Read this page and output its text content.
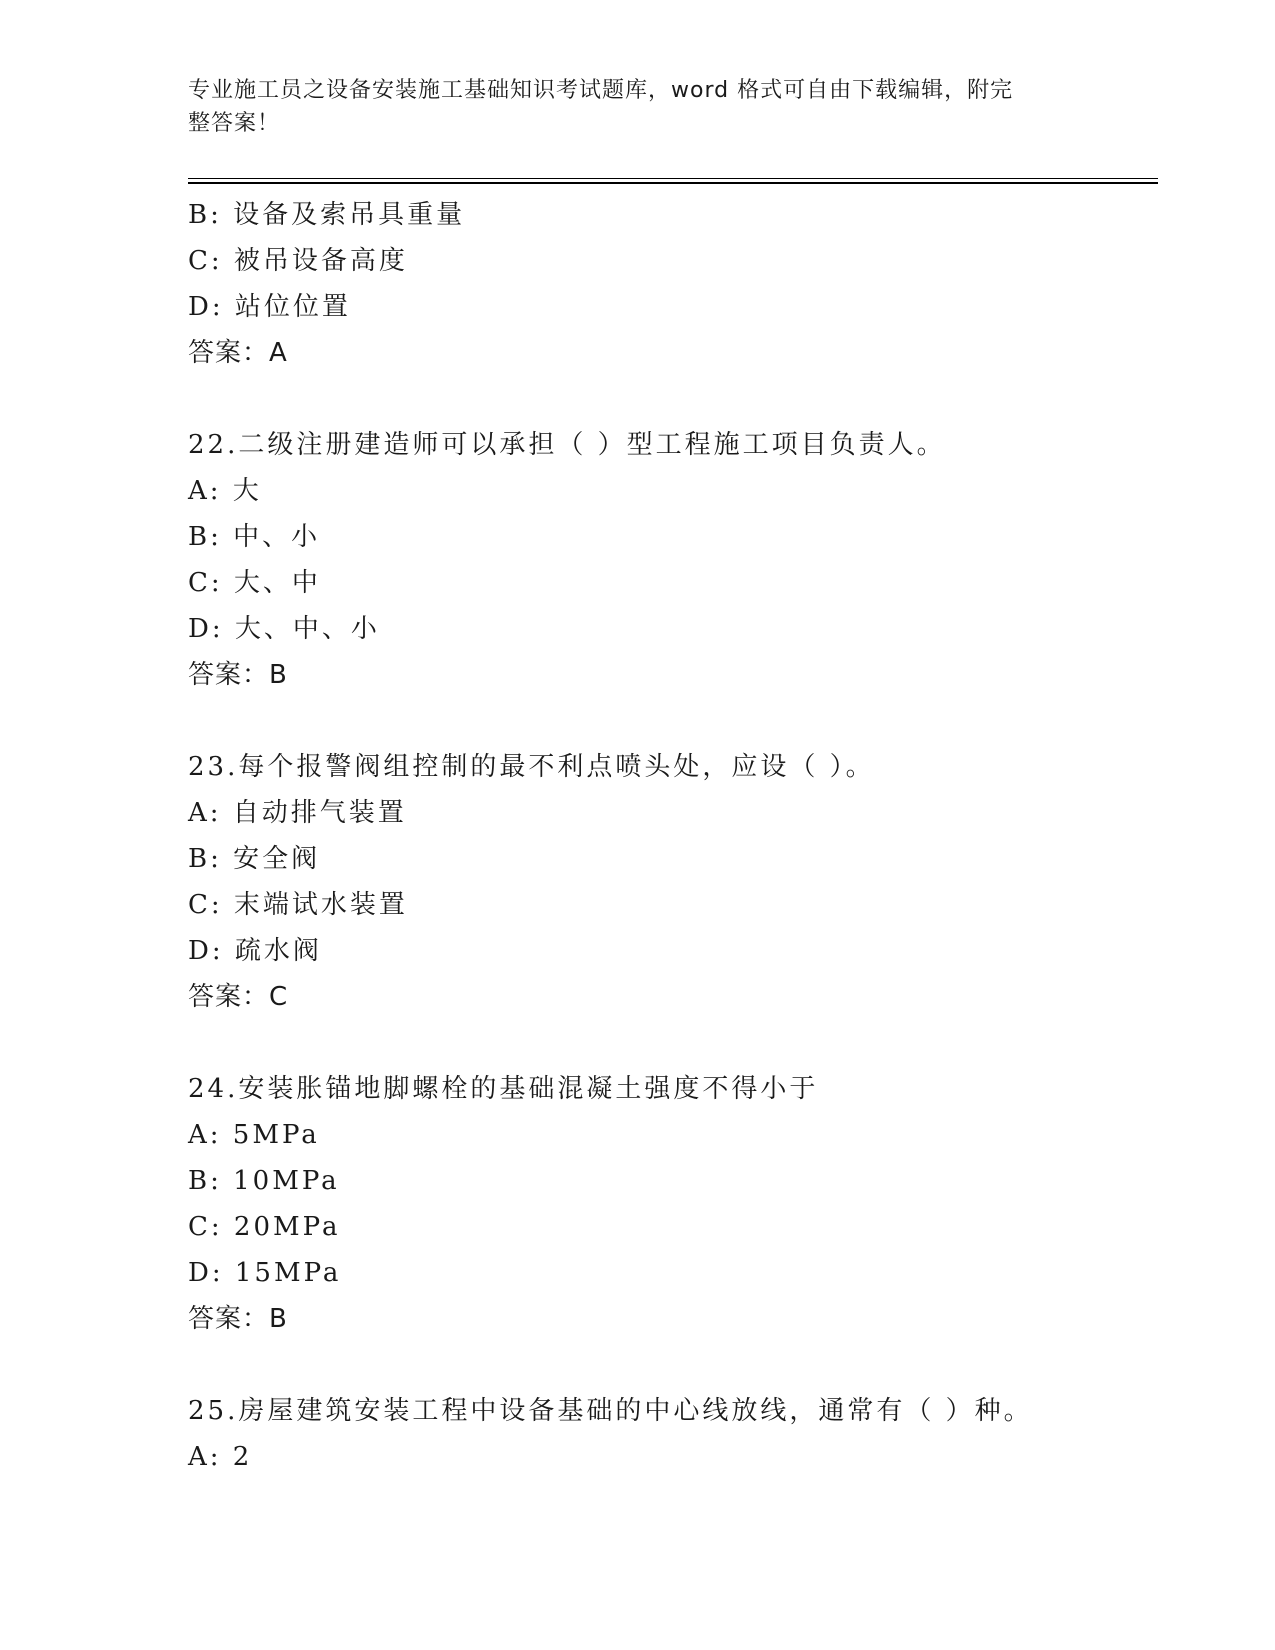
专业施工员之设备安装施工基础知识考试题库，word 格式可自由下载编辑，附完
整答案！
B: 设备及索吊具重量
C: 被吊设备高度
D: 站位位置
答案：A
22.二级注册建造师可以承担（ ）型工程施工项目负责人。
A: 大
B: 中、小
C: 大、中
D: 大、中、小
答案：B
23.每个报警阀组控制的最不利点喷头处，应设（ ）。
A: 自动排气装置
B: 安全阀
C: 末端试水装置
D: 疏水阀
答案：C
24.安装胀锚地脚螺栓的基础混凝土强度不得小于
A: 5MPa
B: 10MPa
C: 20MPa
D: 15MPa
答案：B
25.房屋建筑安装工程中设备基础的中心线放线，通常有（ ）种。
A: 2
